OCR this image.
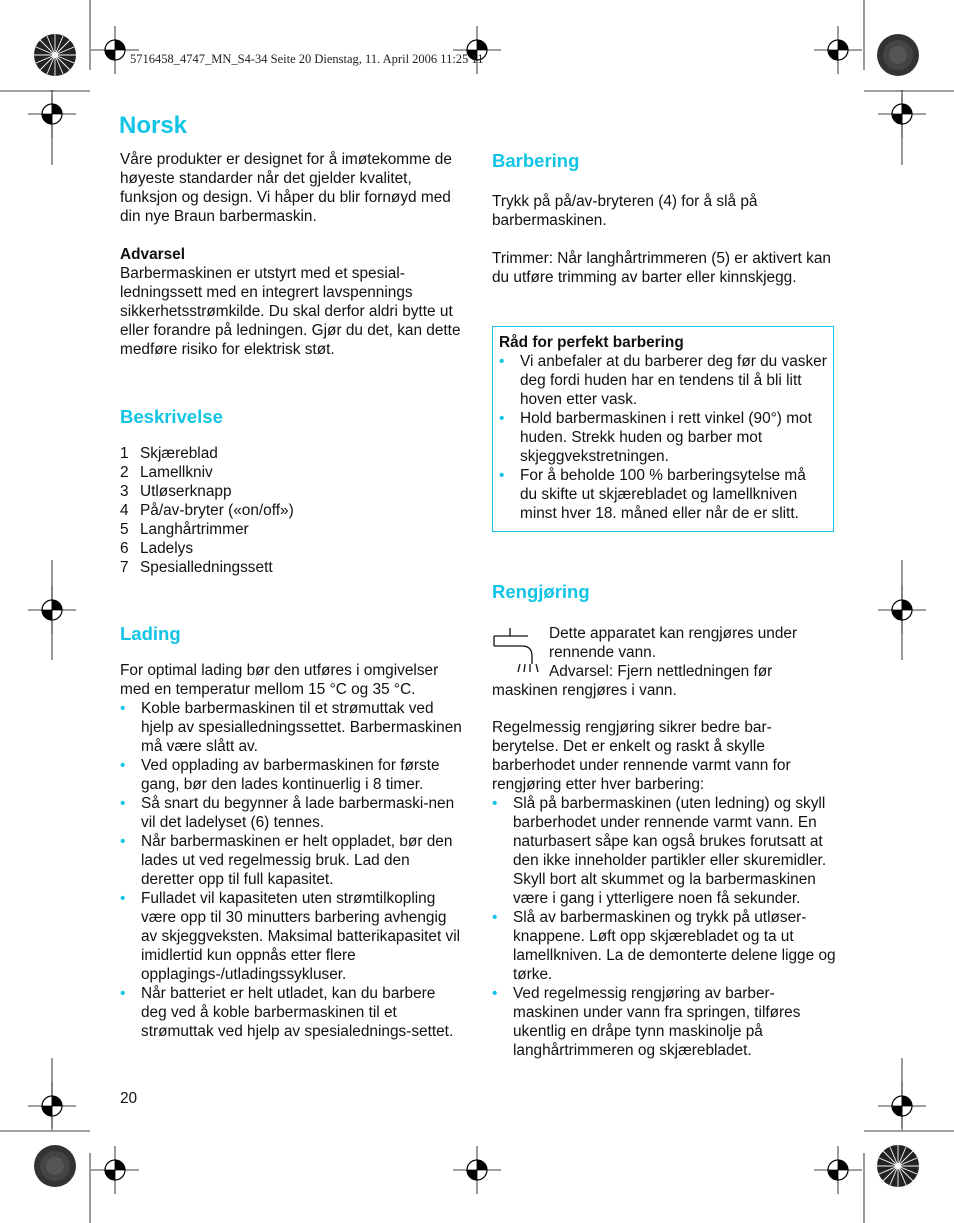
5716458_4747_MN_S4-34 Seite 20 Dienstag, 11. April 2006 11:25 11
Norsk

Våre produkter er designet for å imøtekomme de høyeste standarder når det gjelder kvalitet, funksjon og design. Vi håper du blir fornøyd med din nye Braun barbermaskin.

Advarsel

Barbermaskinen er utstyrt med et spesial-ledningssett med en integrert lavspennings sikkerhetsstrømkilde. Du skal derfor aldri bytte ut eller forandre på ledningen. Gjør du det, kan dette medføre risiko for elektrisk støt.

Beskrivelse
1 Skjæreblad
2 Lamellkniv
3 Utløserknapp
4 På/av-bryter («on/off»)
5 Langhårtrimmer
6 Ladelys
7 Spesialledningssett
Lading

For optimal lading bør den utføres i omgivelser med en temperatur mellom 15 °C og 35 °C.

• Koble barbermaskinen til et strømuttak ved hjelp av spesialledningssettet. Barbermaskinen må være slått av.
• Ved opplading av barbermaskinen for første gang, bør den lades kontinuerlig i 8 timer.
• Så snart du begynner å lade barbermaski-nen vil det ladelyset (6) tennes.
• Når barbermaskinen er helt oppladet, bør den lades ut ved regelmessig bruk. Lad den deretter opp til full kapasitet.
• Fulladet vil kapasiteten uten strømtilkopling være opp til 30 minutters barbering avhengig av skjeggveksten. Maksimal batterikapasitet vil imidlertid kun oppnås etter flere opplagings-/utladingssykluser.
• Når batteriet er helt utladet, kan du barbere deg ved å koble barbermaskinen til et strømuttak ved hjelp av spesialednings-settet.
20
Barbering

Trykk på på/av-bryteren (4) for å slå på barbermaskinen.

Trimmer: Når langhårtrimmeren (5) er aktivert kan du utføre trimming av barter eller kinnskjegg.

Råd for perfekt barbering

• Vi anbefaler at du barberer deg før du vasker deg fordi huden har en tendens til å bli litt hoven etter vask.
• Hold barbermaskinen i rett vinkel (90°) mot huden. Strekk huden og barber mot skjeggvekstretningen.
• For å beholde 100 % barberingsytelse må du skifte ut skjærebladet og lamellkniven minst hver 18. måned eller når de er slitt.
Rengjøring

Dette apparatet kan rengjøres under

rennende vann.

Advarsel: Fjern nettledningen før

maskinen rengjøres i vann.

Regelmessig rengjøring sikrer bedre bar-berytelse. Det er enkelt og raskt å skylle barberhodet under rennende varmt vann for rengjøring etter hver barbering:

• Slå på barbermaskinen (uten ledning) og skyll barberhodet under rennende varmt vann. En naturbasert såpe kan også brukes forutsatt at den ikke inneholder partikler eller skuremidler. Skyll bort alt skummet og la barbermaskinen være i gang i ytterligere noen få sekunder.
• Slå av barbermaskinen og trykk på utløser-knappene. Løft opp skjærebladet og ta ut lamellkniven. La de demonterte delene ligge og tørke.
• Ved regelmessig rengjøring av barber-maskinen under vann fra springen, tilføres ukentlig en dråpe tynn maskinolje på langhårtrimmeren og skjærebladet.
